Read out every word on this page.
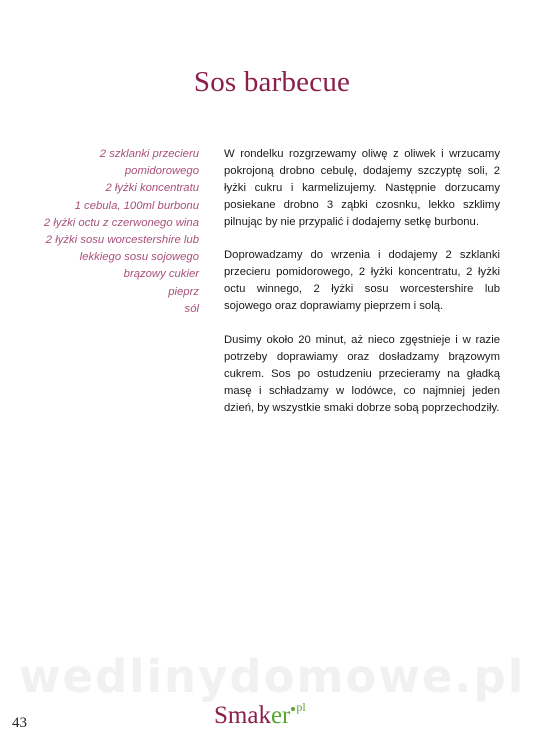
Sos barbecue
2 szklanki przecieru
pomidorowego
2 łyżki koncentratu
1 cebula, 100ml burbonu
2 łyżki octu z czerwonego wina
2 łyżki sosu worcestershire lub
lekkiego sosu sojowego
brązowy cukier
pieprz
sól

W rondelku rozgrzewamy oliwę z oliwek i wrzucamy pokrojoną drobno cebulę, dodajemy szczyptę soli, 2 łyżki cukru i karmelizujemy. Następnie dorzucamy posiekane drobno 3 ząbki czosnku, lekko szklimy pilnując by nie przypalić i dodajemy setkę burbonu.

Doprowadzamy do wrzenia i dodajemy 2 szklanki przecieru pomidorowego, 2 łyżki koncentratu, 2 łyżki octu winnego, 2 łyżki sosu worcestershire lub sojowego oraz doprawiamy pieprzem i solą.

Dusimy około 20 minut, aż nieco zgęstnieje i w razie potrzeby doprawiamy oraz dosładzamy brązowym cukrem. Sos po ostudzeniu przecieramy na gładką masę i schładzamy w lodówce, co najmniej jeden dzień, by wszystkie smaki dobrze sobą poprzechodziły.

wedlinydomowe.pl
43	Smaker $^{pl}$
